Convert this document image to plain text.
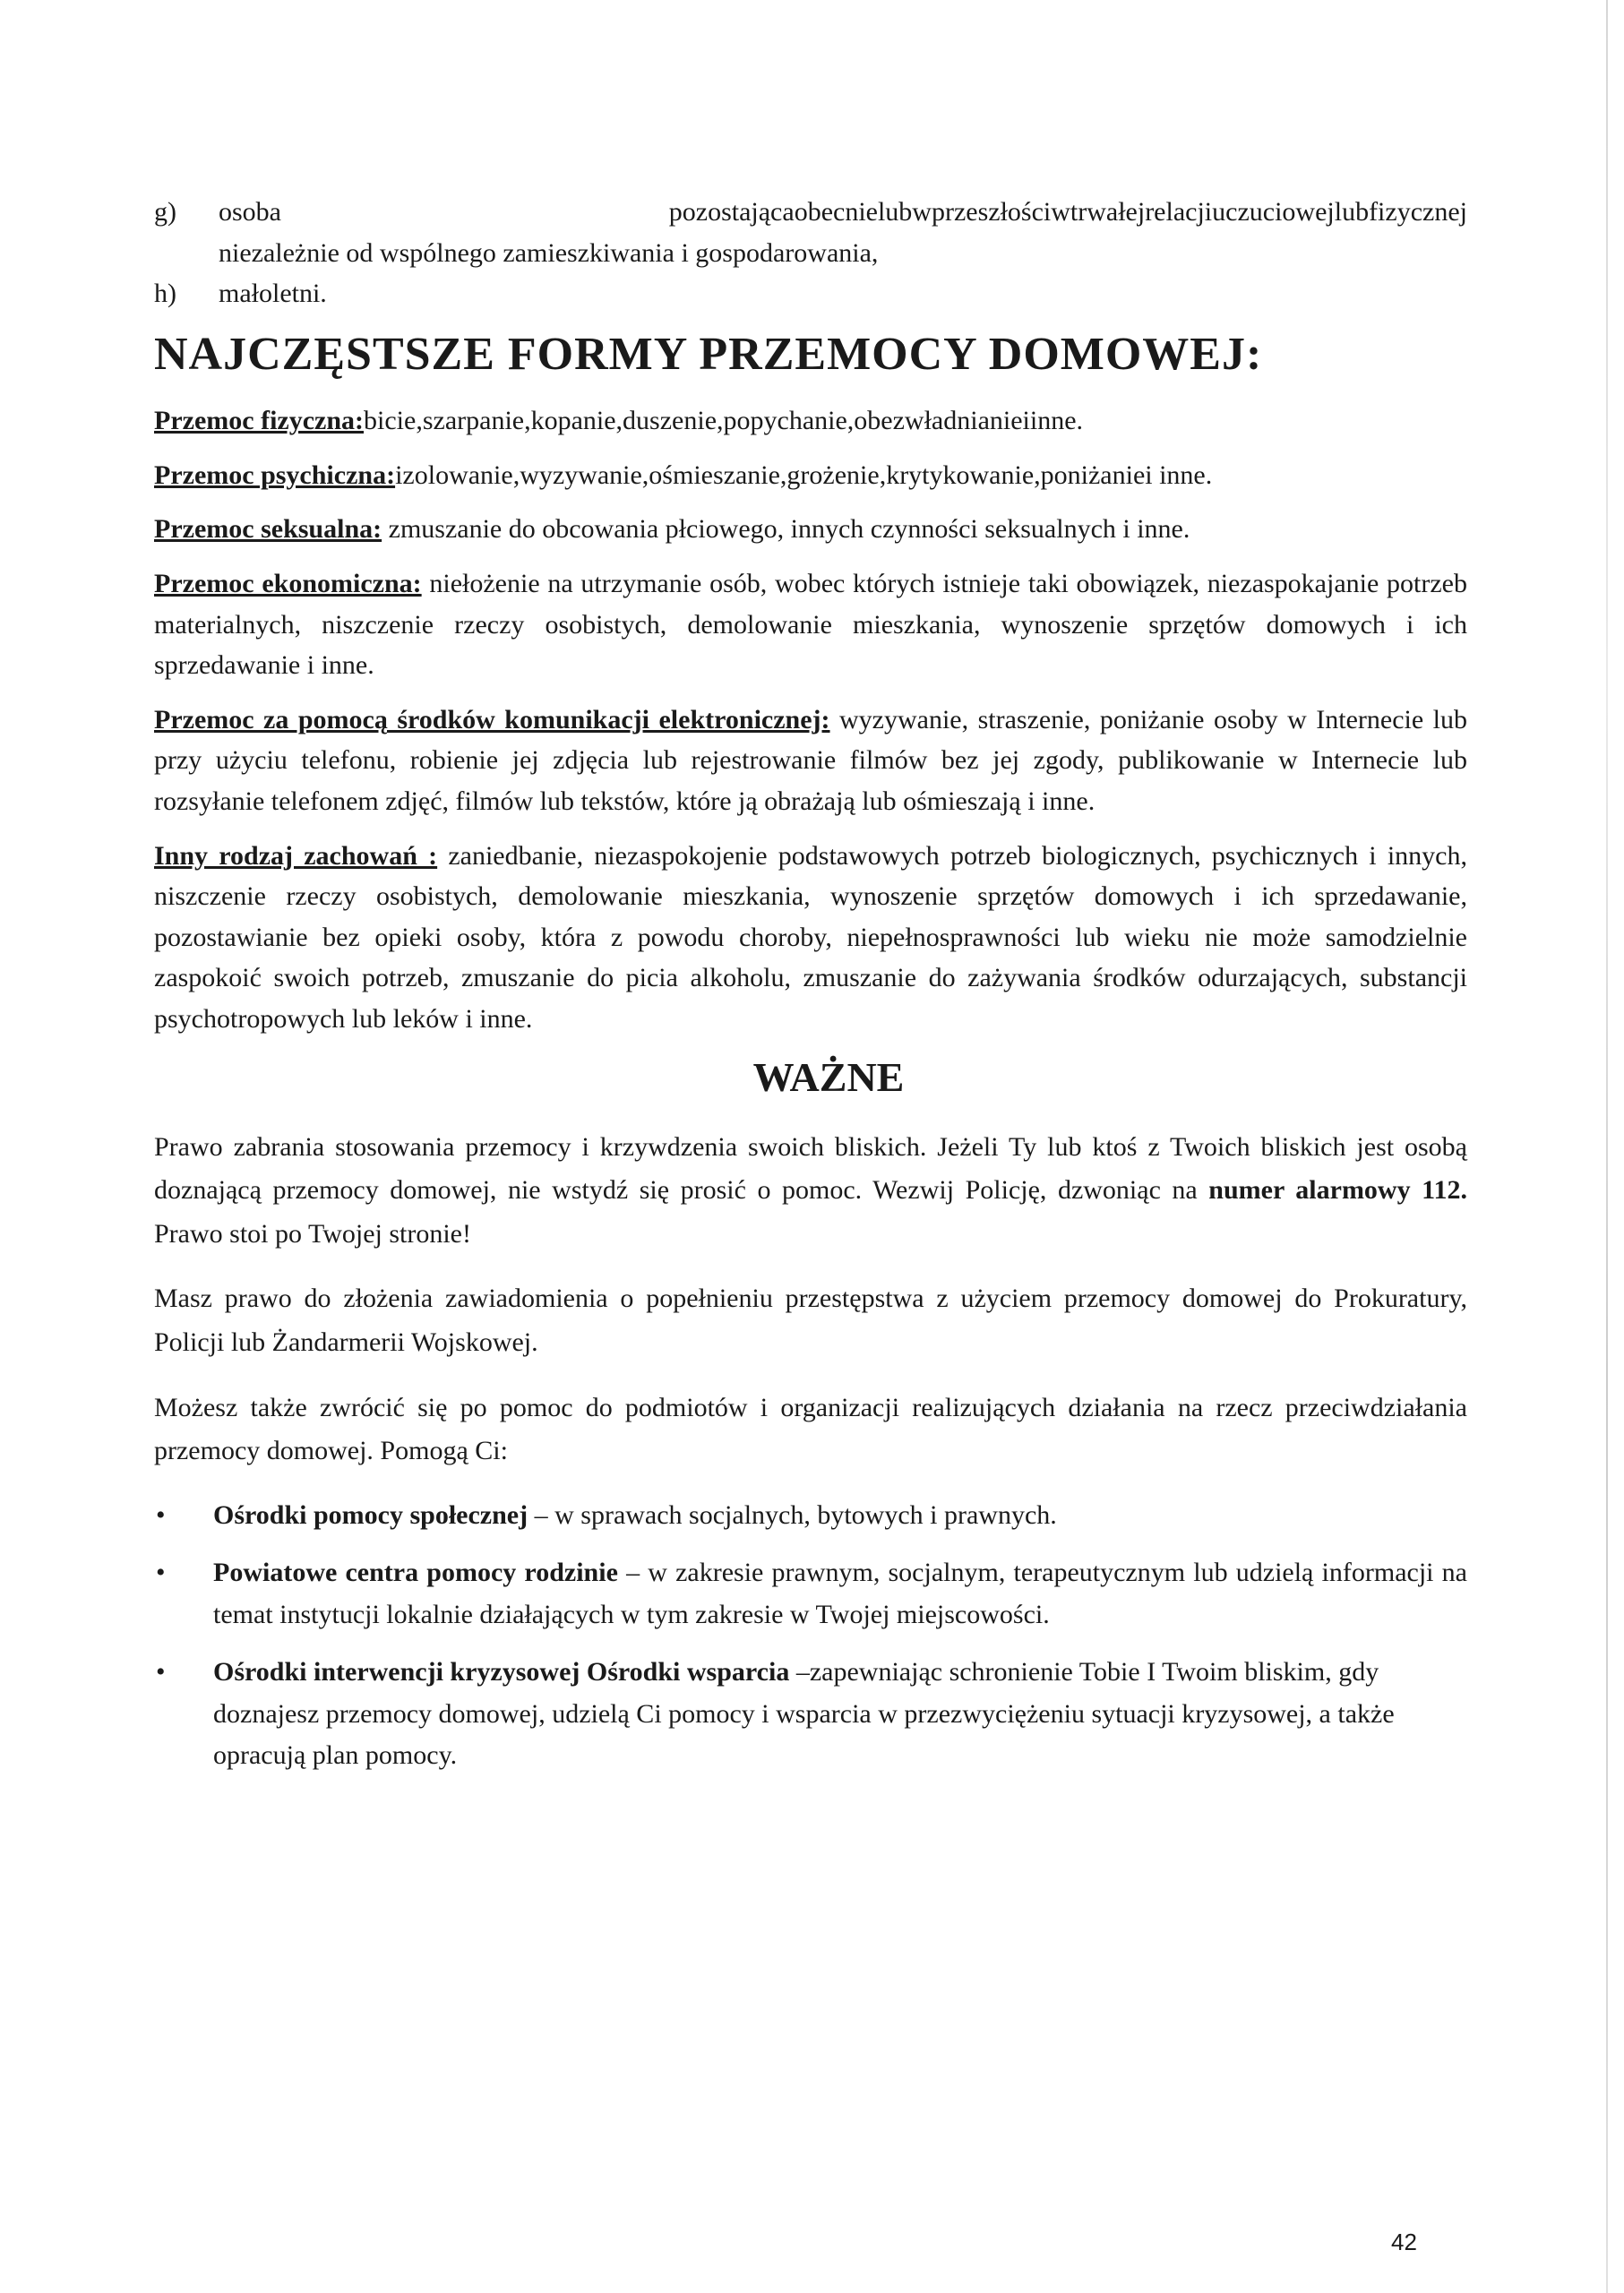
g)	osoba	pozostającaobecnielubwprzeszłościwtrwałejrelacjiuczuciowejlubfizycznej
niezależnie od wspólnego zamieszkiwania i gospodarowania,
h)	małoletni.
NAJCZĘSTSZE FORMY PRZEMOCY DOMOWEJ:

Przemoc fizyczna:bicie,szarpanie,kopanie,duszenie,popychanie,obezwładnianieiinne.

Przemoc psychiczna:izolowanie,wyzywanie,ośmieszanie,grożenie,krytykowanie,poniżaniei inne.

Przemoc seksualna: zmuszanie do obcowania płciowego, innych czynności seksualnych i inne.

Przemoc ekonomiczna: niełożenie na utrzymanie osób, wobec których istnieje taki obowiązek, niezaspokajanie potrzeb materialnych, niszczenie rzeczy osobistych, demolowanie mieszkania, wynoszenie sprzętów domowych i ich sprzedawanie i inne.

Przemoc za pomocą środków komunikacji elektronicznej: wyzywanie, straszenie, poniżanie osoby w Internecie lub przy użyciu telefonu, robienie jej zdjęcia lub rejestrowanie filmów bez jej zgody, publikowanie w Internecie lub rozsyłanie telefonem zdjęć, filmów lub tekstów, które ją obrażają lub ośmieszają i inne.

Inny rodzaj zachowań : zaniedbanie, niezaspokojenie podstawowych potrzeb biologicznych, psychicznych i innych, niszczenie rzeczy osobistych, demolowanie mieszkania, wynoszenie sprzętów domowych i ich sprzedawanie, pozostawianie bez opieki osoby, która z powodu choroby, niepełnosprawności lub wieku nie może samodzielnie zaspokoić swoich potrzeb, zmuszanie do picia alkoholu, zmuszanie do zażywania środków odurzających, substancji psychotropowych lub leków i inne.

WAŻNE

Prawo zabrania stosowania przemocy i krzywdzenia swoich bliskich. Jeżeli Ty lub ktoś z Twoich bliskich jest osobą doznającą przemocy domowej, nie wstydź się prosić o pomoc. Wezwij Policję, dzwoniąc na numer alarmowy 112. Prawo stoi po Twojej stronie!

Masz prawo do złożenia zawiadomienia o popełnieniu przestępstwa z użyciem przemocy domowej do Prokuratury, Policji lub Żandarmerii Wojskowej.

Możesz także zwrócić się po pomoc do podmiotów i organizacji realizujących działania na rzecz przeciwdziałania przemocy domowej. Pomogą Ci:

•	Ośrodki pomocy społecznej – w sprawach socjalnych, bytowych i prawnych.
•	Powiatowe centra pomocy rodzinie – w zakresie prawnym, socjalnym, terapeutycznym lub udzielą informacji na temat instytucji lokalnie działających w tym zakresie w Twojej miejscowości.
•	Ośrodki interwencji kryzysowej Ośrodki wsparcia –zapewniając schronienie Tobie I Twoim bliskim, gdy doznajesz przemocy domowej, udzielą Ci pomocy i wsparcia w przezwyciężeniu sytuacji kryzysowej, a także opracują plan pomocy.
42
